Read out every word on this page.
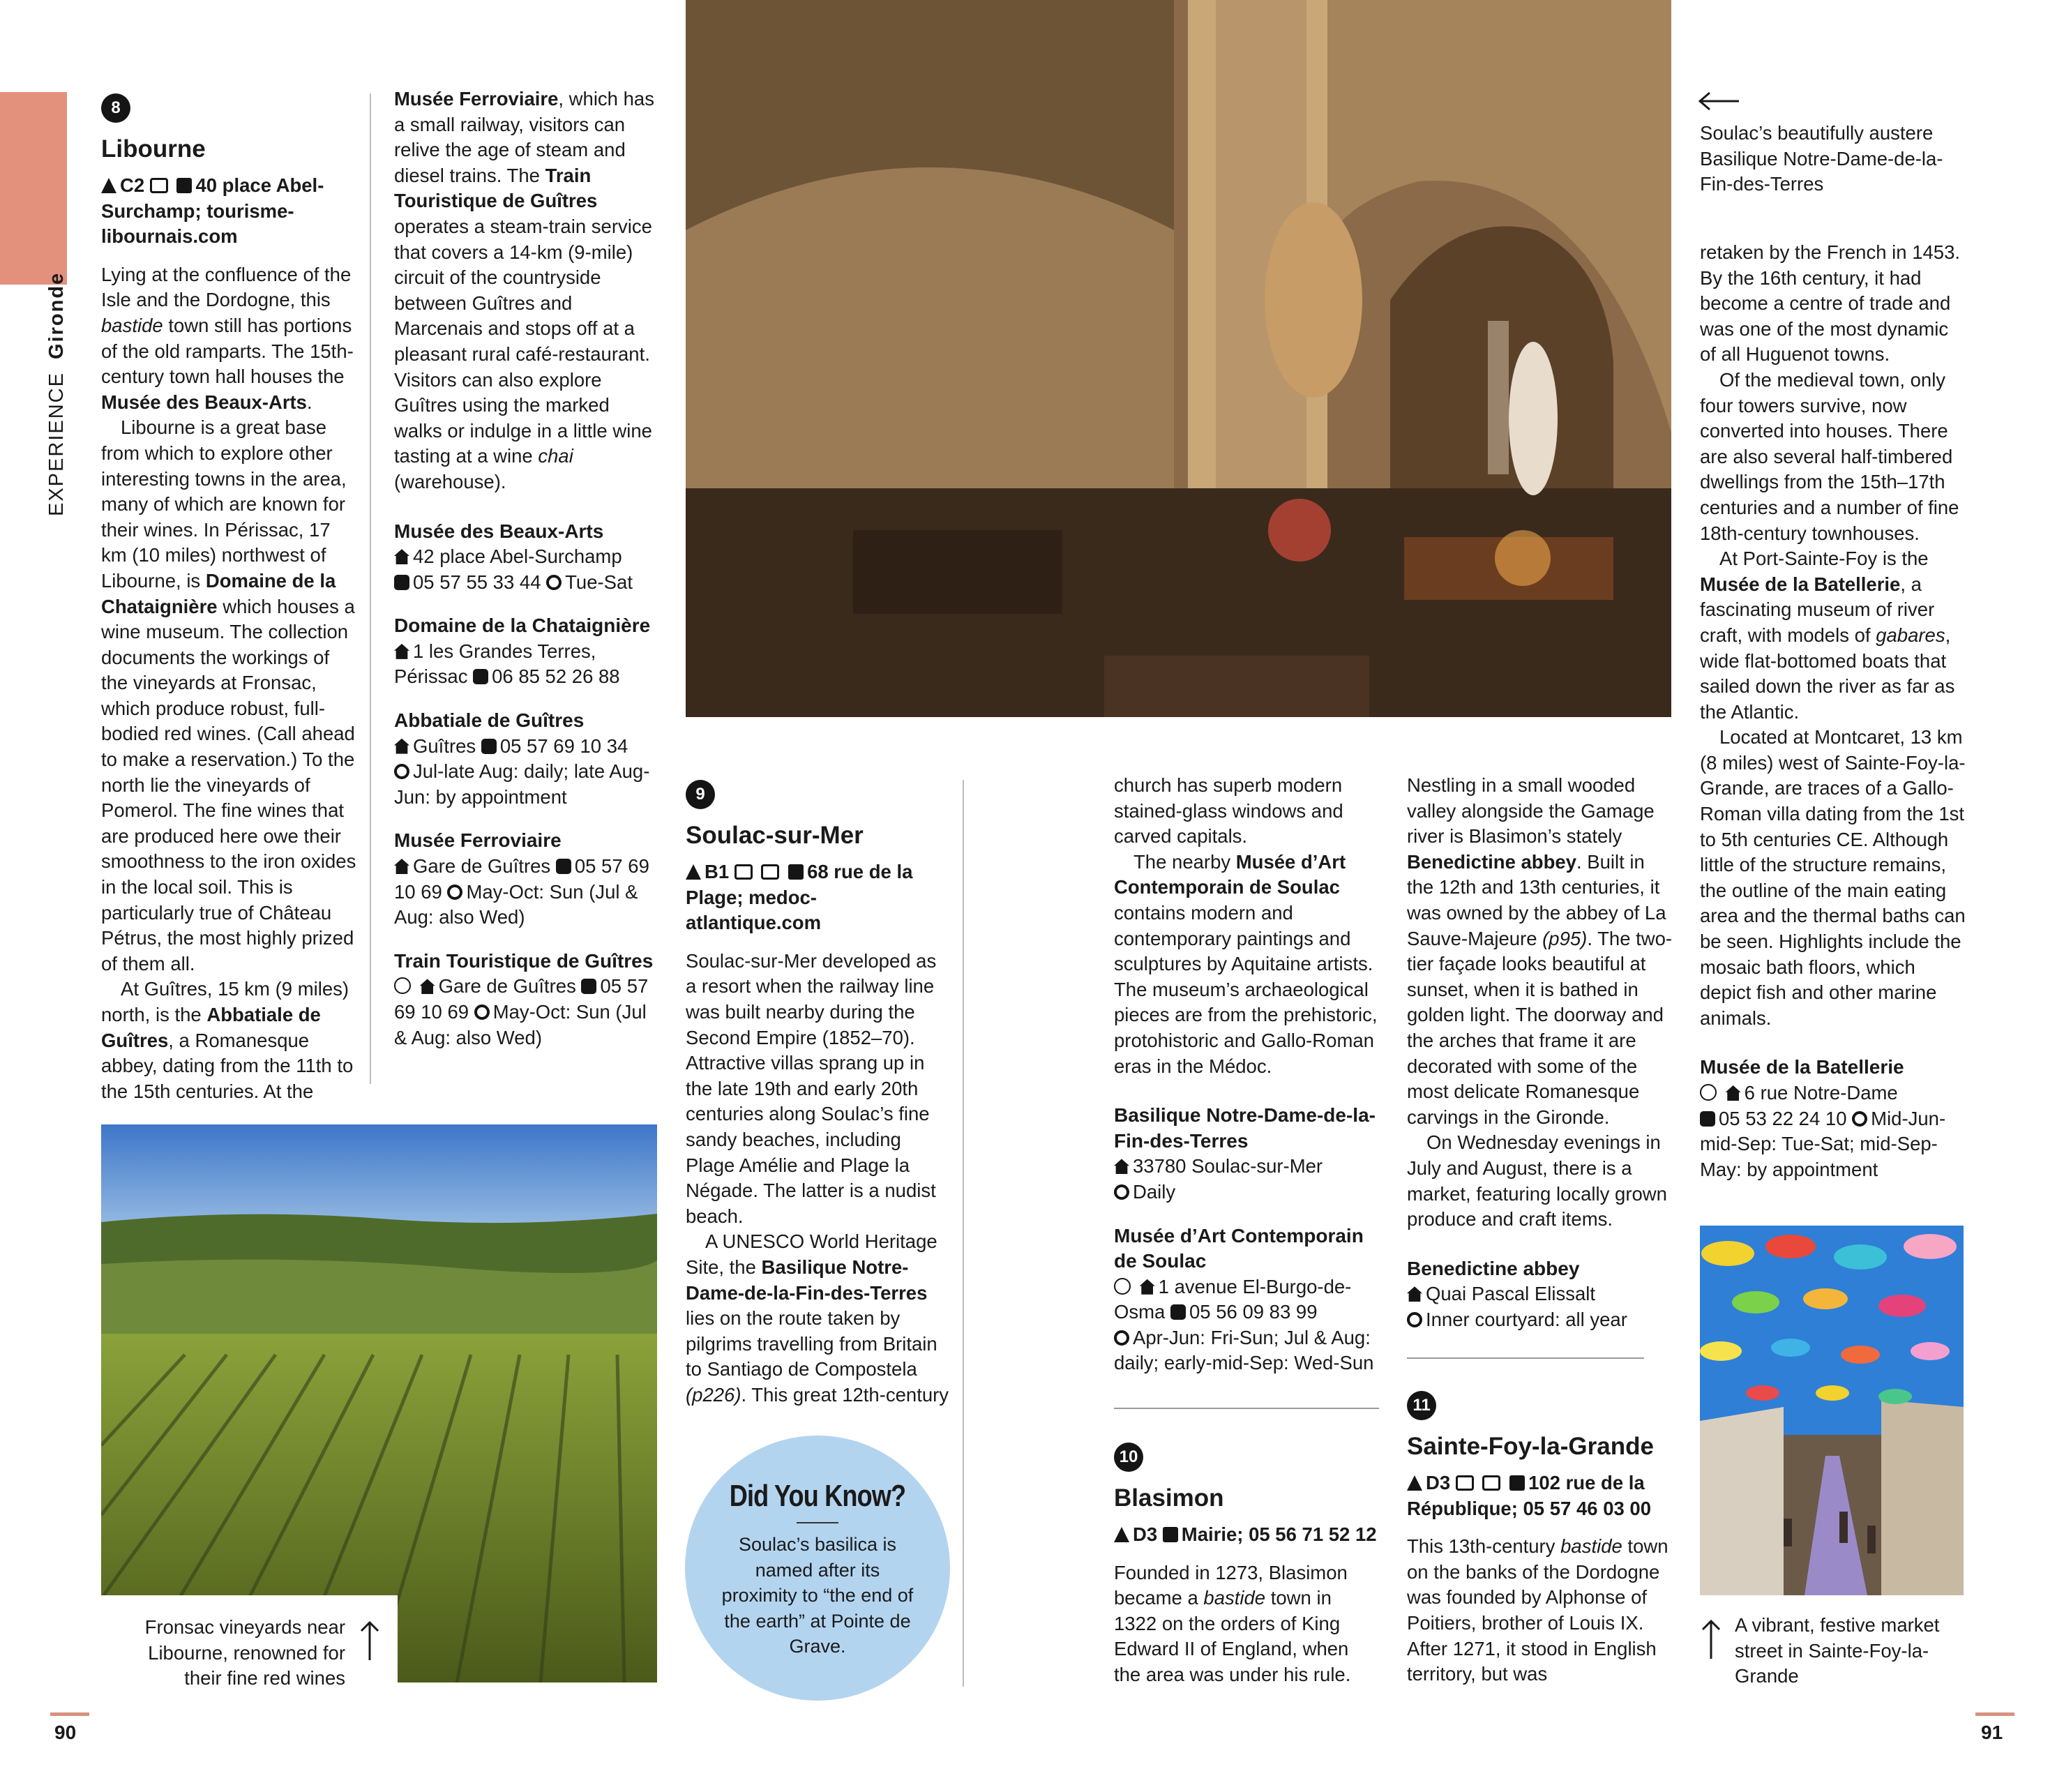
EXPERIENCE Gironde
8
Libourne
C2	40 place Abel-Surchamp; tourisme-libournais.com

Lying at the confluence of the Isle and the Dordogne, this bastide town still has portions of the old ramparts. The 15th-century town hall houses the Musée des Beaux-Arts.

Libourne is a great base from which to explore other interesting towns in the area, many of which are known for their wines. In Périssac, 17 km (10 miles) northwest of Libourne, is Domaine de la Chataignière which houses a wine museum. The collection documents the workings of the vineyards at Fronsac, which produce robust, full-bodied red wines. (Call ahead to make a reservation.) To the north lie the vineyards of Pomerol. The fine wines that are produced here owe their smoothness to the iron oxides in the local soil. This is particularly true of Château Pétrus, the most highly prized of them all.

At Guîtres, 15 km (9 miles) north, is the Abbatiale de Guîtres, a Romanesque abbey, dating from the 11th to the 15th centuries. At the

Musée Ferroviaire, which has a small railway, visitors can relive the age of steam and diesel trains. The Train Touristique de Guîtres operates a steam-train service that covers a 14-km (9-mile) circuit of the countryside between Guîtres and Marcenais and stops off at a pleasant rural café-restaurant. Visitors can also explore Guîtres using the marked walks or indulge in a little wine tasting at a wine chai (warehouse).

Musée des Beaux-Arts
42 place Abel-Surchamp
05 57 55 33 44 Tue-Sat
Domaine de la Chataignière
1 les Grandes Terres, Périssac 06 85 52 26 88
Abbatiale de Guîtres
Guîtres 05 57 69 10 34
Jul-late Aug: daily; late Aug-Jun: by appointment
Musée Ferroviaire
Gare de Guîtres 05 57 69 10 69 May-Oct: Sun (Jul & Aug: also Wed)
Train Touristique de Guîtres
Gare de Guîtres 05 57 69 10 69 May-Oct: Sun (Jul & Aug: also Wed)
Fronsac vineyards near Libourne, renowned for their fine red wines
90
9
Soulac-sur-Mer
B1	68 rue de la Plage; medoc-atlantique.com

Soulac-sur-Mer developed as a resort when the railway line was built nearby during the Second Empire (1852–70). Attractive villas sprang up in the late 19th and early 20th centuries along Soulac’s fine sandy beaches, including Plage Amélie and Plage la Négade. The latter is a nudist beach.

A UNESCO World Heritage Site, the Basilique Notre-Dame-de-la-Fin-des-Terres lies on the route taken by pilgrims travelling from Britain to Santiago de Compostela (p226). This great 12th-century

Did You Know?
Soulac’s basilica is named after its proximity to “the end of the earth” at Pointe de Grave.

church has superb modern stained-glass windows and carved capitals.

The nearby Musée d’Art Contemporain de Soulac contains modern and contemporary paintings and sculptures by Aquitaine artists. The museum’s archaeological pieces are from the prehistoric, protohistoric and Gallo-Roman eras in the Médoc.

Basilique Notre-Dame-de-la-Fin-des-Terres
33780 Soulac-sur-Mer
Daily
Musée d’Art Contemporain de Soulac
1 avenue El-Burgo-de-Osma 05 56 09 83 99
Apr-Jun: Fri-Sun; Jul & Aug: daily; early-mid-Sep: Wed-Sun
10
Blasimon
D3 Mairie; 05 56 71 52 12

Founded in 1273, Blasimon became a bastide town in 1322 on the orders of King Edward II of England, when the area was under his rule.

Nestling in a small wooded valley alongside the Gamage river is Blasimon’s stately Benedictine abbey. Built in the 12th and 13th centuries, it was owned by the abbey of La Sauve-Majeure (p95). The two-tier façade looks beautiful at sunset, when it is bathed in golden light. The doorway and the arches that frame it are decorated with some of the most delicate Romanesque carvings in the Gironde.

On Wednesday evenings in July and August, there is a market, featuring locally grown produce and craft items.

Benedictine abbey
Quai Pascal Elissalt
Inner courtyard: all year
11
Sainte-Foy-la-Grande
D3	102 rue de la République; 05 57 46 03 00

This 13th-century bastide town on the banks of the Dordogne was founded by Alphonse of Poitiers, brother of Louis IX. After 1271, it stood in English territory, but was

Soulac’s beautifully austere Basilique Notre-Dame-de-la-Fin-des-Terres

retaken by the French in 1453. By the 16th century, it had become a centre of trade and was one of the most dynamic of all Huguenot towns.

Of the medieval town, only four towers survive, now converted into houses. There are also several half-timbered dwellings from the 15th–17th centuries and a number of fine 18th-century townhouses.

At Port-Sainte-Foy is the Musée de la Batellerie, a fascinating museum of river craft, with models of gabares, wide flat-bottomed boats that sailed down the river as far as the Atlantic.

Located at Montcaret, 13 km (8 miles) west of Sainte-Foy-la-Grande, are traces of a Gallo-Roman villa dating from the 1st to 5th centuries CE. Although little of the structure remains, the outline of the main eating area and the thermal baths can be seen. Highlights include the mosaic bath floors, which depict fish and other marine animals.

Musée de la Batellerie
6 rue Notre-Dame
05 53 22 24 10 Mid-Jun-mid-Sep: Tue-Sat; mid-Sep-May: by appointment
A vibrant, festive market street in Sainte-Foy-la-Grande
91
